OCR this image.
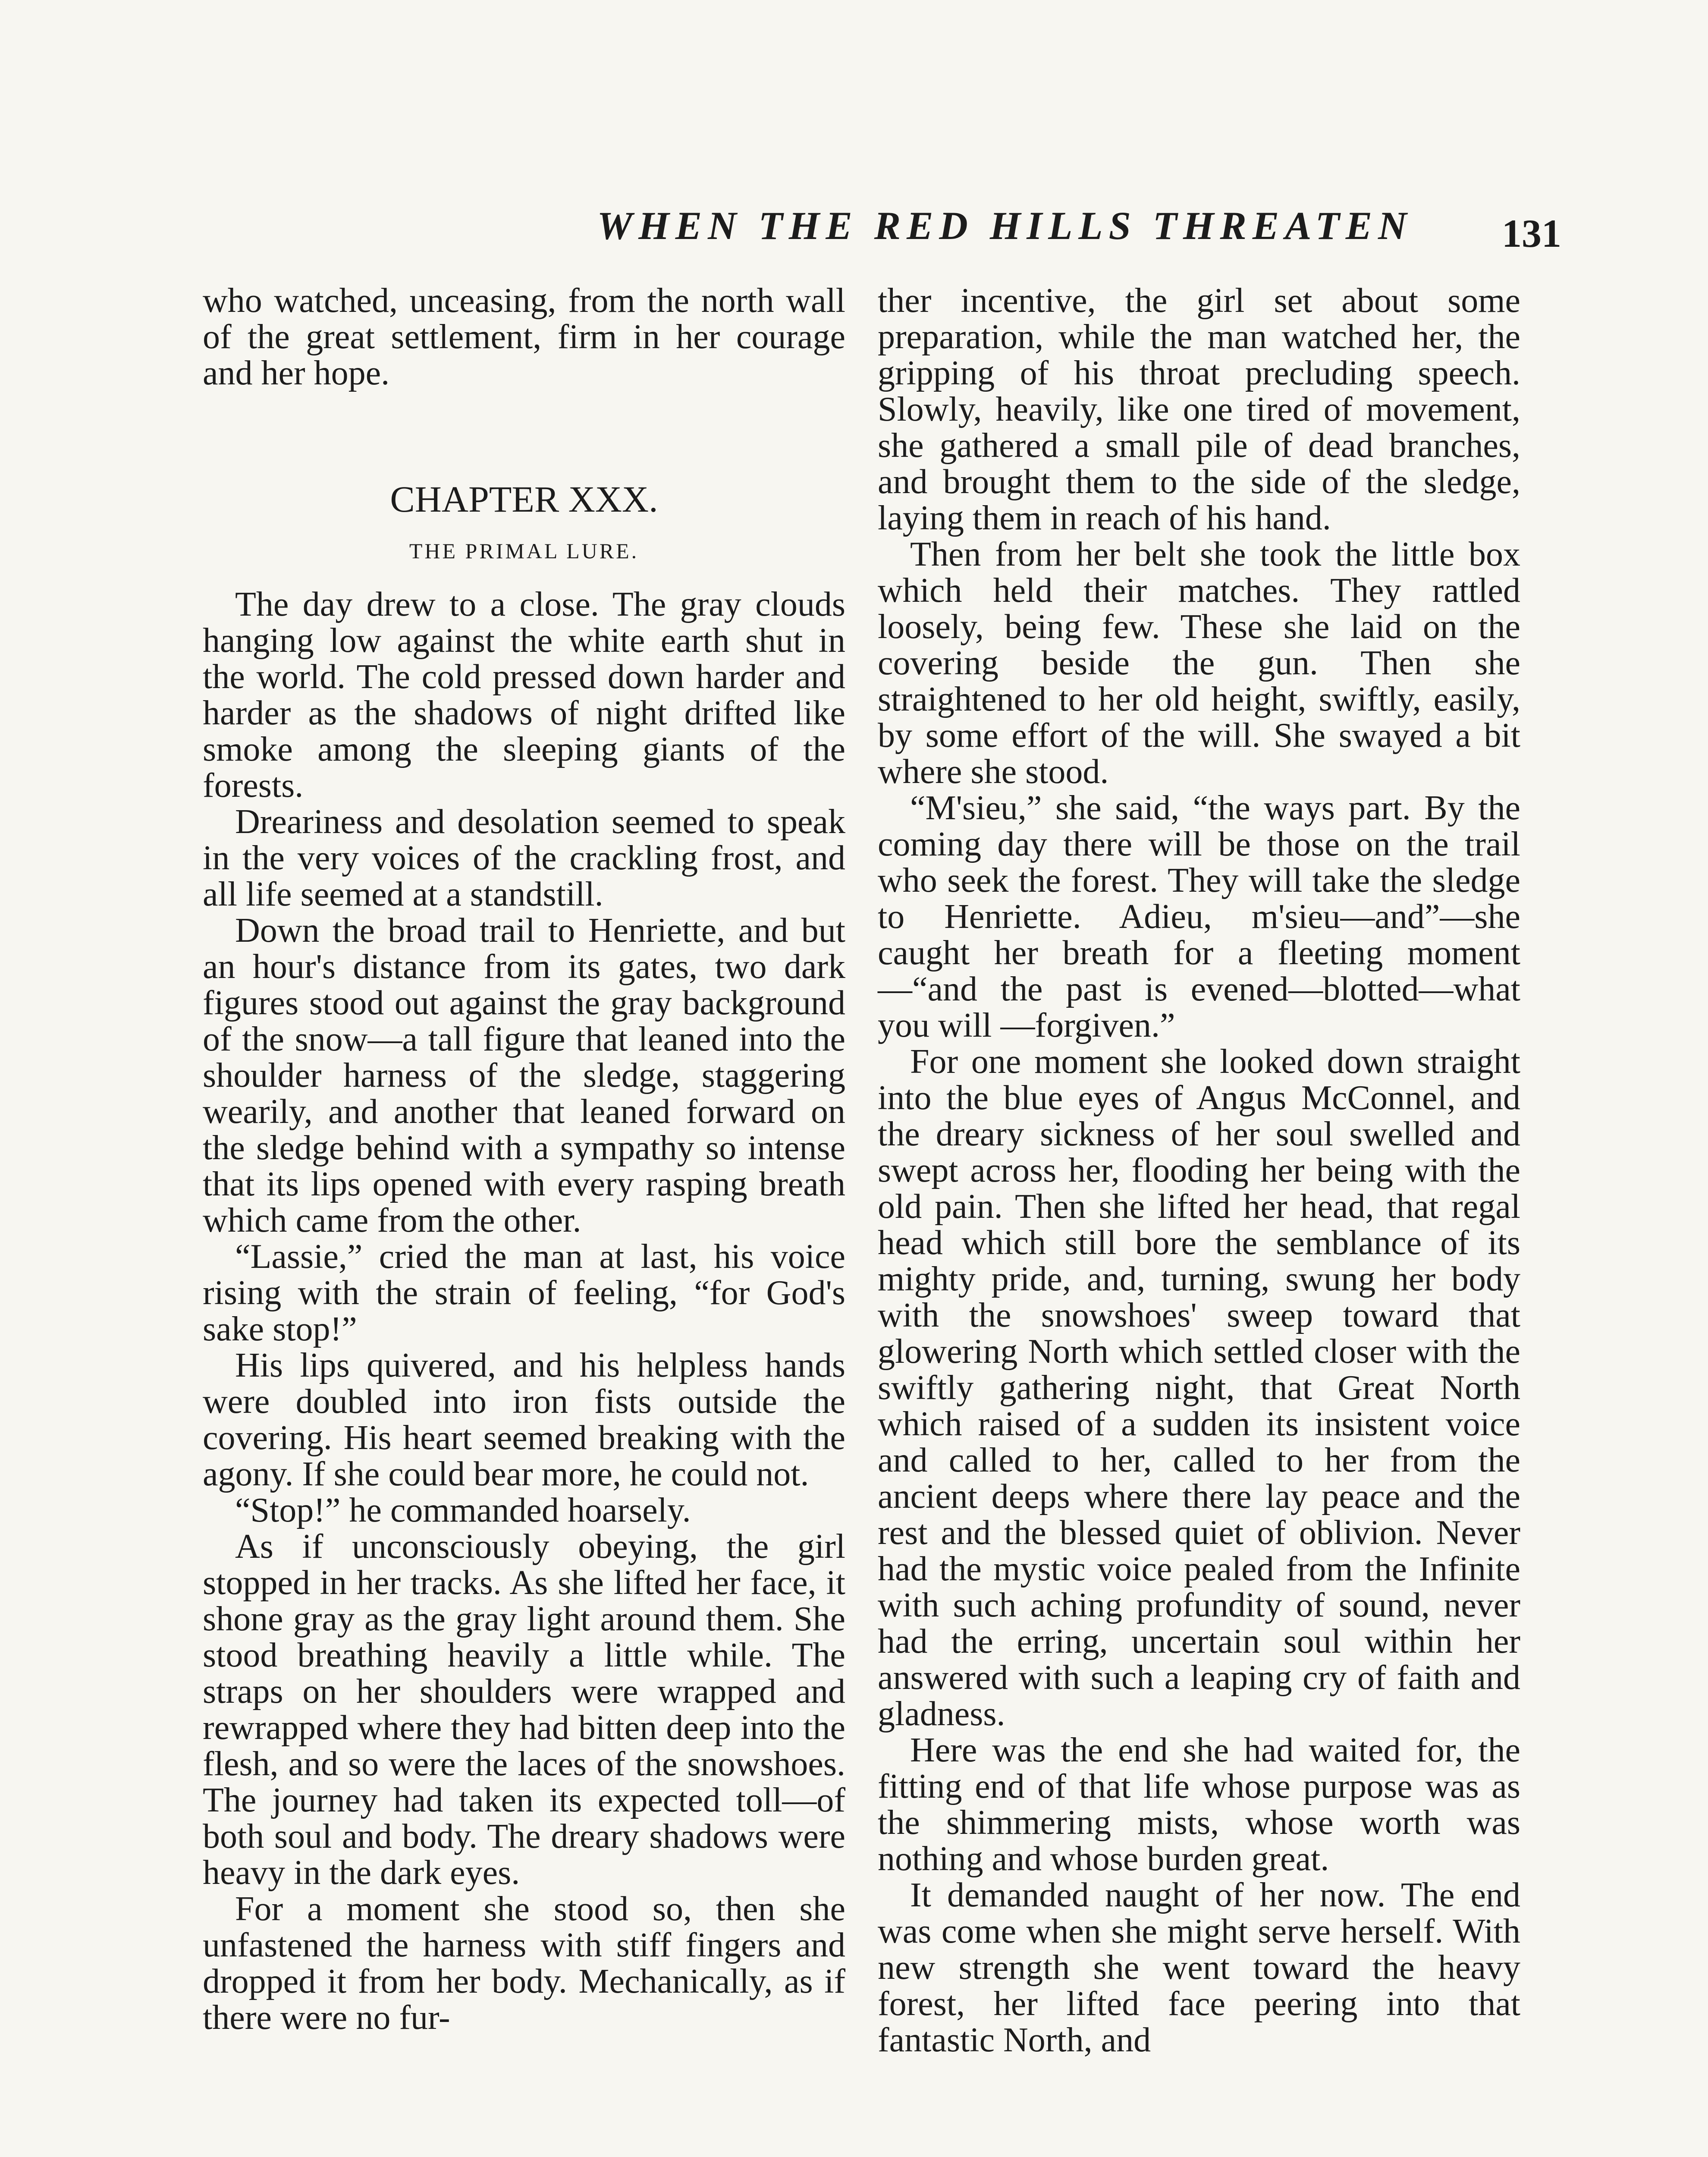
WHEN THE RED HILLS THREATEN	131

who watched, unceasing, from the north wall of the great settlement, firm in her courage and her hope.

CHAPTER XXX.
THE PRIMAL LURE.

The day drew to a close. The gray clouds hanging low against the white earth shut in the world. The cold pressed down harder and harder as the shadows of night drifted like smoke among the sleeping giants of the forests.

Dreariness and desolation seemed to speak in the very voices of the crackling frost, and all life seemed at a standstill.

Down the broad trail to Henriette, and but an hour's distance from its gates, two dark figures stood out against the gray background of the snow—a tall figure that leaned into the shoulder harness of the sledge, staggering wearily, and another that leaned forward on the sledge behind with a sympathy so intense that its lips opened with every rasping breath which came from the other.

“Lassie,” cried the man at last, his voice rising with the strain of feeling, “for God's sake stop!”

His lips quivered, and his helpless hands were doubled into iron fists outside the covering. His heart seemed breaking with the agony. If she could bear more, he could not.

“Stop!” he commanded hoarsely.

As if unconsciously obeying, the girl stopped in her tracks. As she lifted her face, it shone gray as the gray light around them. She stood breathing heavily a little while. The straps on her shoulders were wrapped and rewrapped where they had bitten deep into the flesh, and so were the laces of the snowshoes. The journey had taken its expected toll—of both soul and body. The dreary shadows were heavy in the dark eyes.

For a moment she stood so, then she unfastened the harness with stiff fingers and dropped it from her body. Mechanically, as if there were no fur-

ther incentive, the girl set about some preparation, while the man watched her, the gripping of his throat precluding speech. Slowly, heavily, like one tired of movement, she gathered a small pile of dead branches, and brought them to the side of the sledge, laying them in reach of his hand.

Then from her belt she took the little box which held their matches. They rattled loosely, being few. These she laid on the covering beside the gun. Then she straightened to her old height, swiftly, easily, by some effort of the will. She swayed a bit where she stood.

“M'sieu,” she said, “the ways part. By the coming day there will be those on the trail who seek the forest. They will take the sledge to Henriette. Adieu, m'sieu—and”—she caught her breath for a fleeting moment—“and the past is evened—blotted—what you will —forgiven.”

For one moment she looked down straight into the blue eyes of Angus McConnel, and the dreary sickness of her soul swelled and swept across her, flooding her being with the old pain. Then she lifted her head, that regal head which still bore the semblance of its mighty pride, and, turning, swung her body with the snowshoes' sweep toward that glowering North which settled closer with the swiftly gathering night, that Great North which raised of a sudden its insistent voice and called to her, called to her from the ancient deeps where there lay peace and the rest and the blessed quiet of oblivion. Never had the mystic voice pealed from the Infinite with such aching profundity of sound, never had the erring, uncertain soul within her answered with such a leaping cry of faith and gladness.

Here was the end she had waited for, the fitting end of that life whose purpose was as the shimmering mists, whose worth was nothing and whose burden great.

It demanded naught of her now. The end was come when she might serve herself. With new strength she went toward the heavy forest, her lifted face peering into that fantastic North, and
